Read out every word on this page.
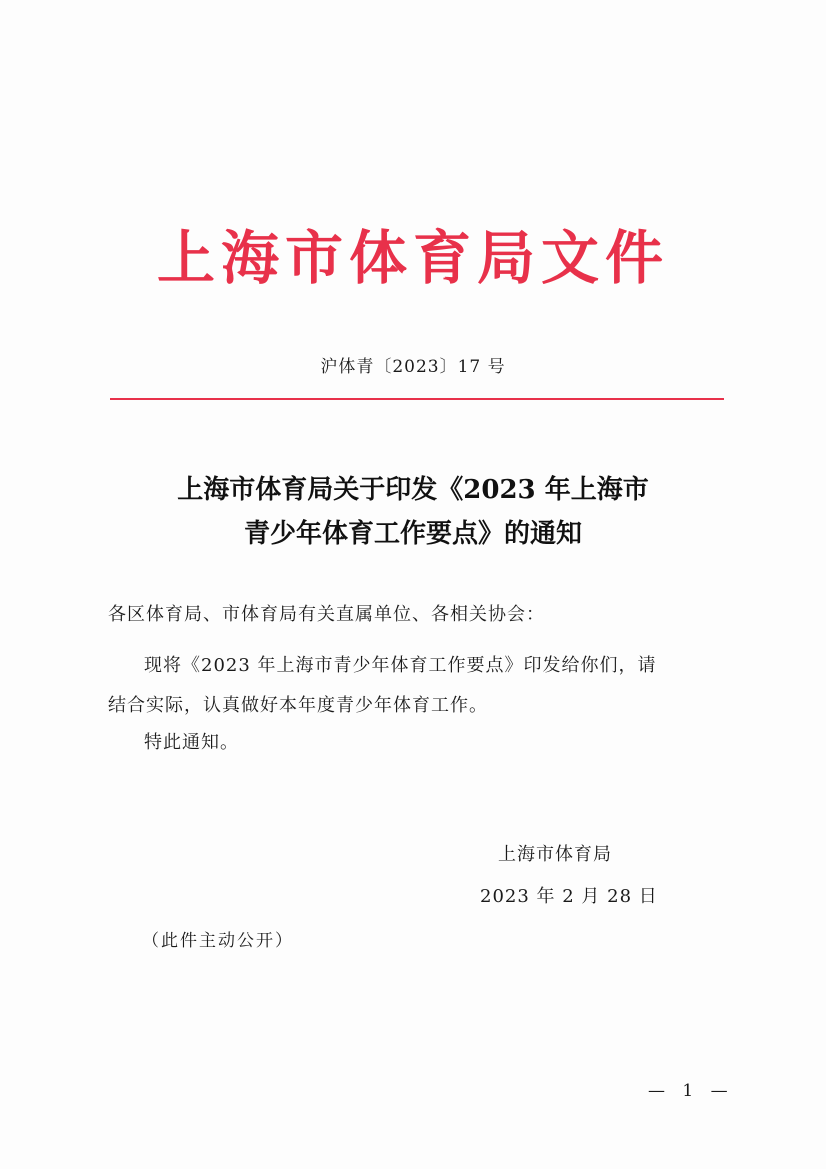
上海市体育局文件
沪体青〔2023〕17 号
上海市体育局关于印发《2023 年上海市
青少年体育工作要点》的通知
各区体育局、市体育局有关直属单位、各相关协会：
现将《2023 年上海市青少年体育工作要点》印发给你们，请
结合实际，认真做好本年度青少年体育工作。
特此通知。
上海市体育局
2023 年 2 月 28 日
（此件主动公开）
— 1 —
